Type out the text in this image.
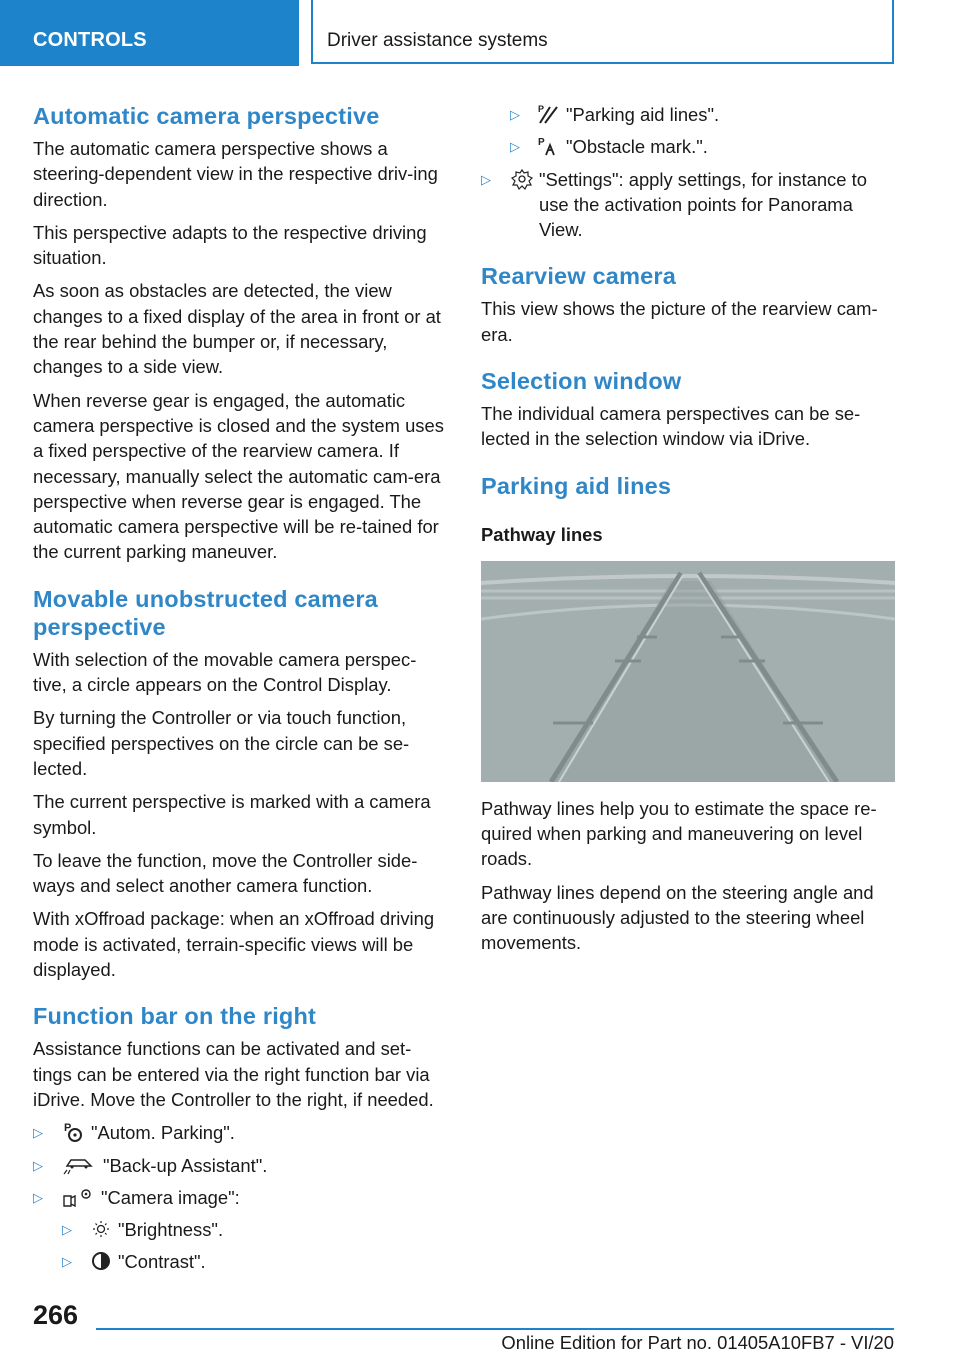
CONTROLS	Driver assistance systems
Automatic camera perspective

The automatic camera perspective shows a steering-dependent view in the respective driv-ing direction.

This perspective adapts to the respective driving situation.

As soon as obstacles are detected, the view changes to a fixed display of the area in front or at the rear behind the bumper or, if necessary, changes to a side view.

When reverse gear is engaged, the automatic camera perspective is closed and the system uses a fixed perspective of the rearview camera. If necessary, manually select the automatic cam-era perspective when reverse gear is engaged. The automatic camera perspective will be re-tained for the current parking maneuver.

Movable unobstructed camera perspective

With selection of the movable camera perspec-tive, a circle appears on the Control Display.

By turning the Controller or via touch function, specified perspectives on the circle can be se-lected.

The current perspective is marked with a camera symbol.

To leave the function, move the Controller side-ways and select another camera function.

With xOffroad package: when an xOffroad driving mode is activated, terrain-specific views will be displayed.

Function bar on the right

Assistance functions can be activated and set-tings can be entered via the right function bar via iDrive. Move the Controller to the right, if needed.

▷ P "Autom. Parking".
▷	"Back-up Assistant".
▷	"Camera image":
▷	"Brightness".
▷	"Contrast".
▷ P "Parking aid lines".
▷ P "Obstacle mark.".
▷	"Settings": apply settings, for instance to use the activation points for Panorama View.
Rearview camera

This view shows the picture of the rearview cam-era.

Selection window

The individual camera perspectives can be se-lected in the selection window via iDrive.

Parking aid lines
Pathway lines

Pathway lines help you to estimate the space re-quired when parking and maneuvering on level roads.

Pathway lines depend on the steering angle and are continuously adjusted to the steering wheel movements.

266
Online Edition for Part no. 01405A10FB7 - VI/20
